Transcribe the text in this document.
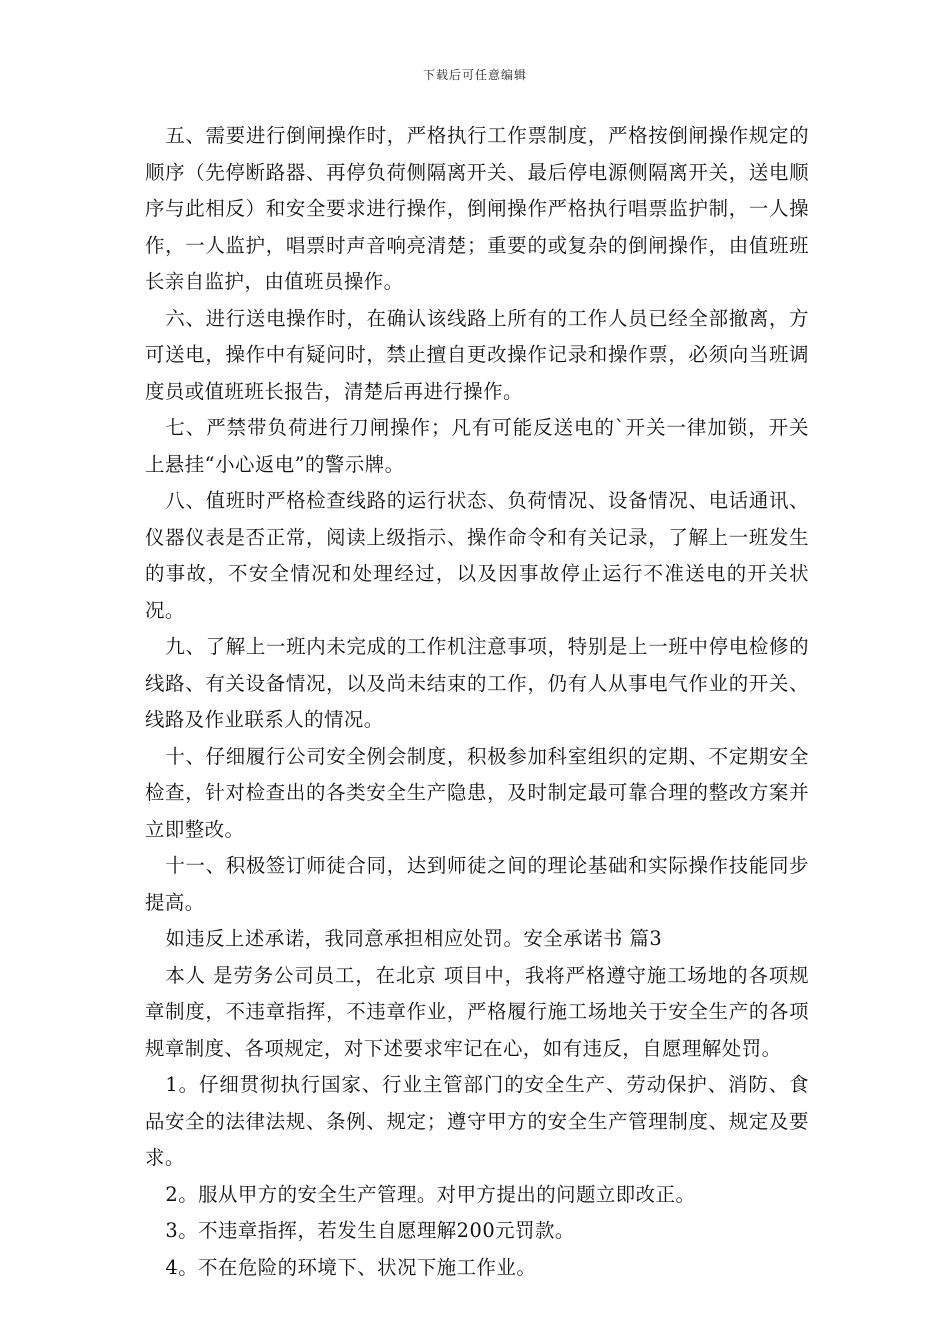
下载后可任意编辑

五、需要进行倒闸操作时，严格执行工作票制度，严格按倒闸操作规定的顺序（先停断路器、再停负荷侧隔离开关、最后停电源侧隔离开关，送电顺序与此相反）和安全要求进行操作，倒闸操作严格执行唱票监护制，一人操作，一人监护，唱票时声音响亮清楚；重要的或复杂的倒闸操作，由值班班长亲自监护，由值班员操作。

六、进行送电操作时，在确认该线路上所有的工作人员已经全部撤离，方可送电，操作中有疑问时，禁止擅自更改操作记录和操作票，必须向当班调度员或值班班长报告，清楚后再进行操作。

七、严禁带负荷进行刀闸操作；凡有可能反送电的`开关一律加锁，开关上悬挂“小心返电”的警示牌。

八、值班时严格检查线路的运行状态、负荷情况、设备情况、电话通讯、仪器仪表是否正常，阅读上级指示、操作命令和有关记录，了解上一班发生的事故，不安全情况和处理经过，以及因事故停止运行不准送电的开关状况。

九、了解上一班内未完成的工作机注意事项，特别是上一班中停电检修的线路、有关设备情况，以及尚未结束的工作，仍有人从事电气作业的开关、线路及作业联系人的情况。

十、仔细履行公司安全例会制度，积极参加科室组织的定期、不定期安全检查，针对检查出的各类安全生产隐患，及时制定最可靠合理的整改方案并立即整改。

十一、积极签订师徒合同，达到师徒之间的理论基础和实际操作技能同步提高。

如违反上述承诺，我同意承担相应处罚。安全承诺书 篇3

本人 是劳务公司员工，在北京 项目中，我将严格遵守施工场地的各项规章制度，不违章指挥，不违章作业，严格履行施工场地关于安全生产的各项规章制度、各项规定，对下述要求牢记在心，如有违反，自愿理解处罚。

1。仔细贯彻执行国家、行业主管部门的安全生产、劳动保护、消防、食品安全的法律法规、条例、规定；遵守甲方的安全生产管理制度、规定及要求。

2。服从甲方的安全生产管理。对甲方提出的问题立即改正。

3。不违章指挥，若发生自愿理解200元罚款。

4。不在危险的环境下、状况下施工作业。
